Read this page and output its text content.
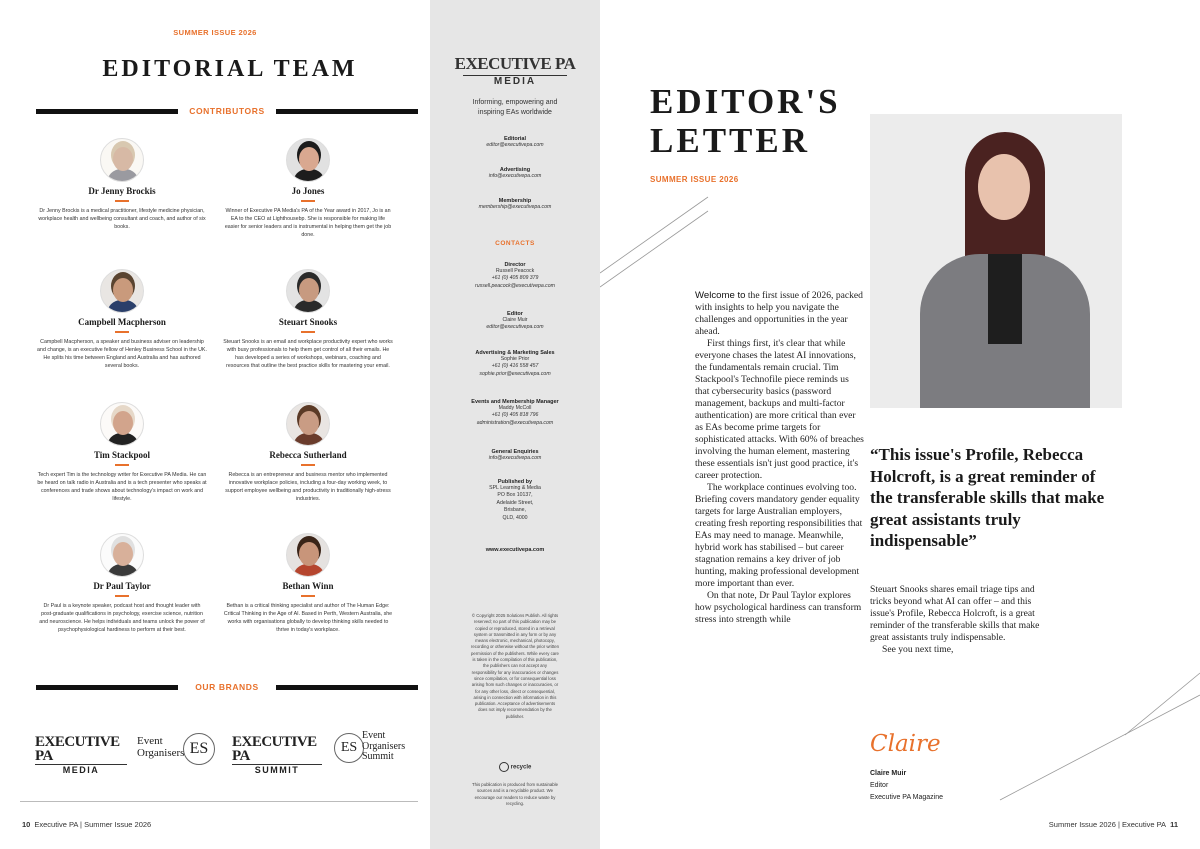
SUMMER ISSUE 2026
EDITORIAL TEAM
CONTRIBUTORS
Dr Jenny Brockis
Dr Jenny Brockis is a medical practitioner, lifestyle medicine physician, workplace health and wellbeing consultant and coach, and author of six books.
Jo Jones
Winner of Executive PA Media's PA of the Year award in 2017, Jo is an EA to the CEO at Lighthousebp. She is responsible for making life easier for senior leaders and is instrumental in helping them get the job done.
Campbell Macpherson
Campbell Macpherson, a speaker and business adviser on leadership and change, is an executive fellow of Henley Business School in the UK. He splits his time between England and Australia and has authored several books.
Steuart Snooks
Steuart Snooks is an email and workplace productivity expert who works with busy professionals to help them get control of all their emails. He has developed a series of workshops, webinars, coaching and resources that outline the best practice skills for mastering your email.
Tim Stackpool
Tech expert Tim is the technology writer for Executive PA Media. He can be heard on talk radio in Australia and is a tech presenter who speaks at conferences and trade shows about technology's impact on work and lifestyle.
Rebecca Sutherland
Rebecca is an entrepreneur and business mentor who implemented innovative workplace policies, including a four-day working week, to support employee wellbeing and productivity in traditionally high-stress industries.
Dr Paul Taylor
Dr Paul is a keynote speaker, podcast host and thought leader with post-graduate qualifications in psychology, exercise science, nutrition and neuroscience. He helps individuals and teams unlock the power of psychophysiological hardiness to perform at their best.
Bethan Winn
Bethan is a critical thinking specialist and author of The Human Edge: Critical Thinking in the Age of AI. Based in Perth, Western Australia, she works with organisations globally to develop thinking skills needed to thrive in today's workplace.
OUR BRANDS
EXECUTIVE PA
MEDIA
Event
Organisers ES	EXECUTIVE PA
SUMMIT
ES
Event
Organisers
Summit
10 Executive PA | Summer Issue 2026
EXECUTIVE PA
MEDIA
Informing, empowering and inspiring EAs worldwide
Editorial
editor@executivepa.com
Advertising
info@executivepa.com
Membership
membership@executivepa.com
CONTACTS
Director
Russell Peacock
+61 (0) 405 809 379
russell.peacock@executivepa.com
Editor
Claire Muir
editor@executivepa.com
Advertising & Marketing Sales
Sophie Prior
+61 (0) 416 558 457
sophie.prior@executivepa.com
Events and Membership Manager
Maddy McColl
+61 (0) 405 818 796
administration@executivepa.com
General Enquiries
info@executivepa.com
Published by
SPL Learning & Media
PO Box 10137,
Adelaide Street,
Brisbane,
QLD, 4000
www.executivepa.com
© Copyright 2025 Solutions Publish. All rights reserved; no part of this publication may be copied or reproduced, stored in a retrieval system or transmitted in any form or by any means electronic, mechanical, photocopy, recording or otherwise without the prior written permission of the publishers. While every care is taken in the compilation of this publication, the publishers can not accept any responsibility for any inaccuracies or changes since compilation, or for consequential loss arising from such changes or inaccuracies, or for any other loss, direct or consequential, arising in connection with information in this publication. Acceptance of advertisements does not imply recommendation by the publisher.
recycle
This publication is produced from sustainable sources and is a recyclable product. We encourage our readers to reduce waste by recycling.
EDITOR'S
LETTER
SUMMER ISSUE 2026

Welcome to the first issue of 2026, packed with insights to help you navigate the challenges and opportunities in the year ahead.

First things first, it's clear that while everyone chases the latest AI innovations, the fundamentals remain crucial. Tim Stackpool's Technofile piece reminds us that cybersecurity basics (password management, backups and multi-factor authentication) are more critical than ever as EAs become prime targets for sophisticated attacks. With 60% of breaches involving the human element, mastering these essentials isn't just good practice, it's career protection.

The workplace continues evolving too. Briefing covers mandatory gender equality targets for large Australian employers, creating fresh reporting responsibilities that EAs may need to manage. Meanwhile, hybrid work has stabilised – but career stagnation remains a key driver of job hunting, making professional development more important than ever.

On that note, Dr Paul Taylor explores how psychological hardiness can transform stress into strength while

“This issue's Profile, Rebecca Holcroft, is a great reminder of the transferable skills that make great assistants truly indispensable”

Steuart Snooks shares email triage tips and tricks beyond what AI can offer – and this issue's Profile, Rebecca Holcroft, is a great reminder of the transferable skills that make great assistants truly indispensable.

See you next time,

Claire
Claire Muir
Editor
Executive PA Magazine
Summer Issue 2026 | Executive PA 11
